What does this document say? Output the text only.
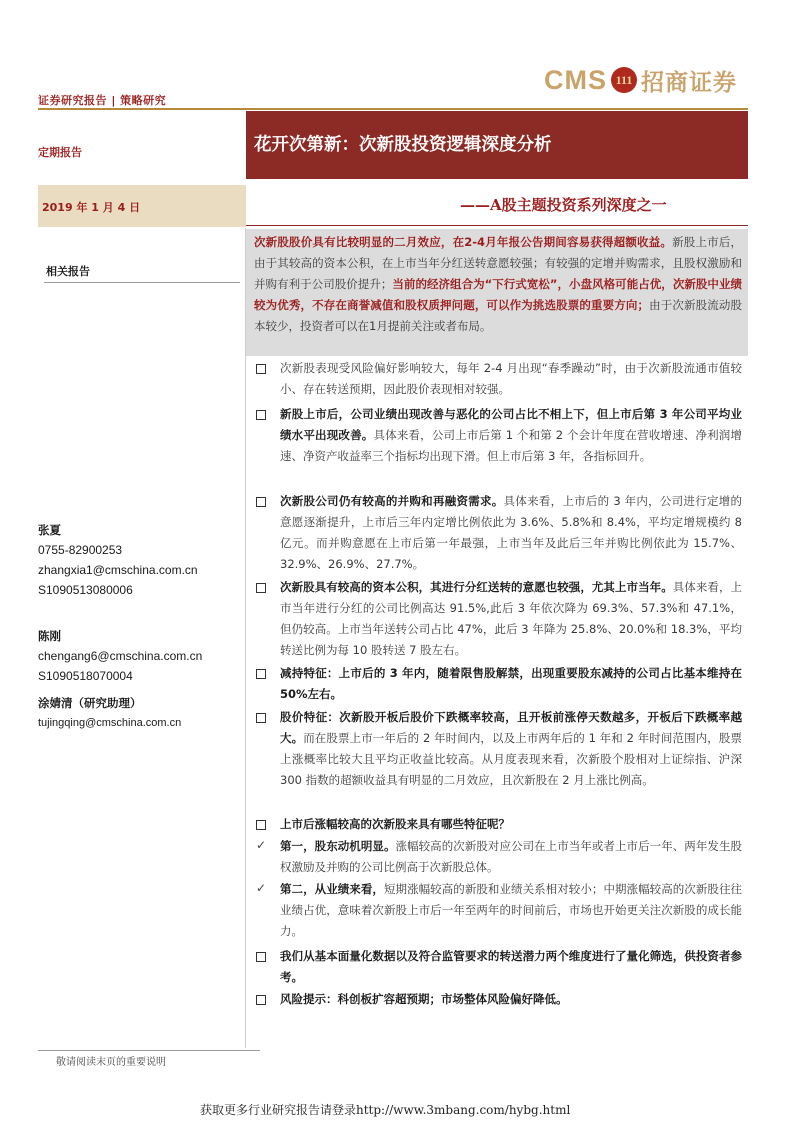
证券研究报告 | 策略研究
CMS 111 招商证券
花开次第新：次新股投资逻辑深度分析
定期报告
2019 年 1 月 4 日	——A股主题投资系列深度之一
相关报告
张夏
0755-82900253
zhangxia1@cmschina.com.cn
S1090513080006
陈刚
chengang6@cmschina.com.cn
S1090518070004
涂婧清（研究助理）
tujingqing@cmschina.com.cn
敬请阅读末页的重要说明
获取更多行业研究报告请登录http://www.3mbang.com/hybg.html
次新股股价具有比较明显的二月效应，在2-4月年报公告期间容易获得超额收益。新股上市后，由于其较高的资本公积，在上市当年分红送转意愿较强；有较强的定增并购需求，且股权激励和并购有利于公司股价提升；当前的经济组合为“下行式宽松”，小盘风格可能占优，次新股中业绩较为优秀，不存在商誉减值和股权质押问题，可以作为挑选股票的重要方向；由于次新股流动股本较少，投资者可以在1月提前关注或者布局。
次新股表现受风险偏好影响较大，每年 2-4 月出现“春季躁动”时，由于次新股流通市值较小、存在转送预期，因此股价表现相对较强。
新股上市后，公司业绩出现改善与恶化的公司占比不相上下，但上市后第 3 年公司平均业绩水平出现改善。具体来看，公司上市后第 1 个和第 2 个会计年度在营收增速、净利润增速、净资产收益率三个指标均出现下滑。但上市后第 3 年，各指标回升。
次新股公司仍有较高的并购和再融资需求。具体来看，上市后的 3 年内，公司进行定增的意愿逐渐提升，上市后三年内定增比例依此为 3.6%、5.8%和 8.4%，平均定增规模约 8 亿元。而并购意愿在上市后第一年最强，上市当年及此后三年并购比例依此为 15.7%、32.9%、26.9%、27.7%。
次新股具有较高的资本公积，其进行分红送转的意愿也较强，尤其上市当年。具体来看，上市当年进行分红的公司比例高达 91.5%,此后 3 年依次降为 69.3%、57.3%和 47.1%，但仍较高。上市当年送转公司占比 47%，此后 3 年降为 25.8%、20.0%和 18.3%，平均转送比例为每 10 股转送 7 股左右。
减持特征：上市后的 3 年内，随着限售股解禁，出现重要股东减持的公司占比基本维持在 50%左右。
股价特征：次新股开板后股价下跌概率较高，且开板前涨停天数越多，开板后下跌概率越大。而在股票上市一年后的 2 年时间内，以及上市两年后的 1 年和 2 年时间范围内，股票上涨概率比较大且平均正收益比较高。从月度表现来看，次新股个股相对上证综指、沪深 300 指数的超额收益具有明显的二月效应，且次新股在 2 月上涨比例高。
上市后涨幅较高的次新股来具有哪些特征呢？
✓ 第一，股东动机明显。涨幅较高的次新股对应公司在上市当年或者上市后一年、两年发生股权激励及并购的公司比例高于次新股总体。
✓ 第二，从业绩来看，短期涨幅较高的新股和业绩关系相对较小；中期涨幅较高的次新股往往业绩占优，意味着次新股上市后一年至两年的时间前后，市场也开始更关注次新股的成长能力。
我们从基本面量化数据以及符合监管要求的转送潜力两个维度进行了量化筛选，供投资者参考。
风险提示：科创板扩容超预期；市场整体风险偏好降低。
